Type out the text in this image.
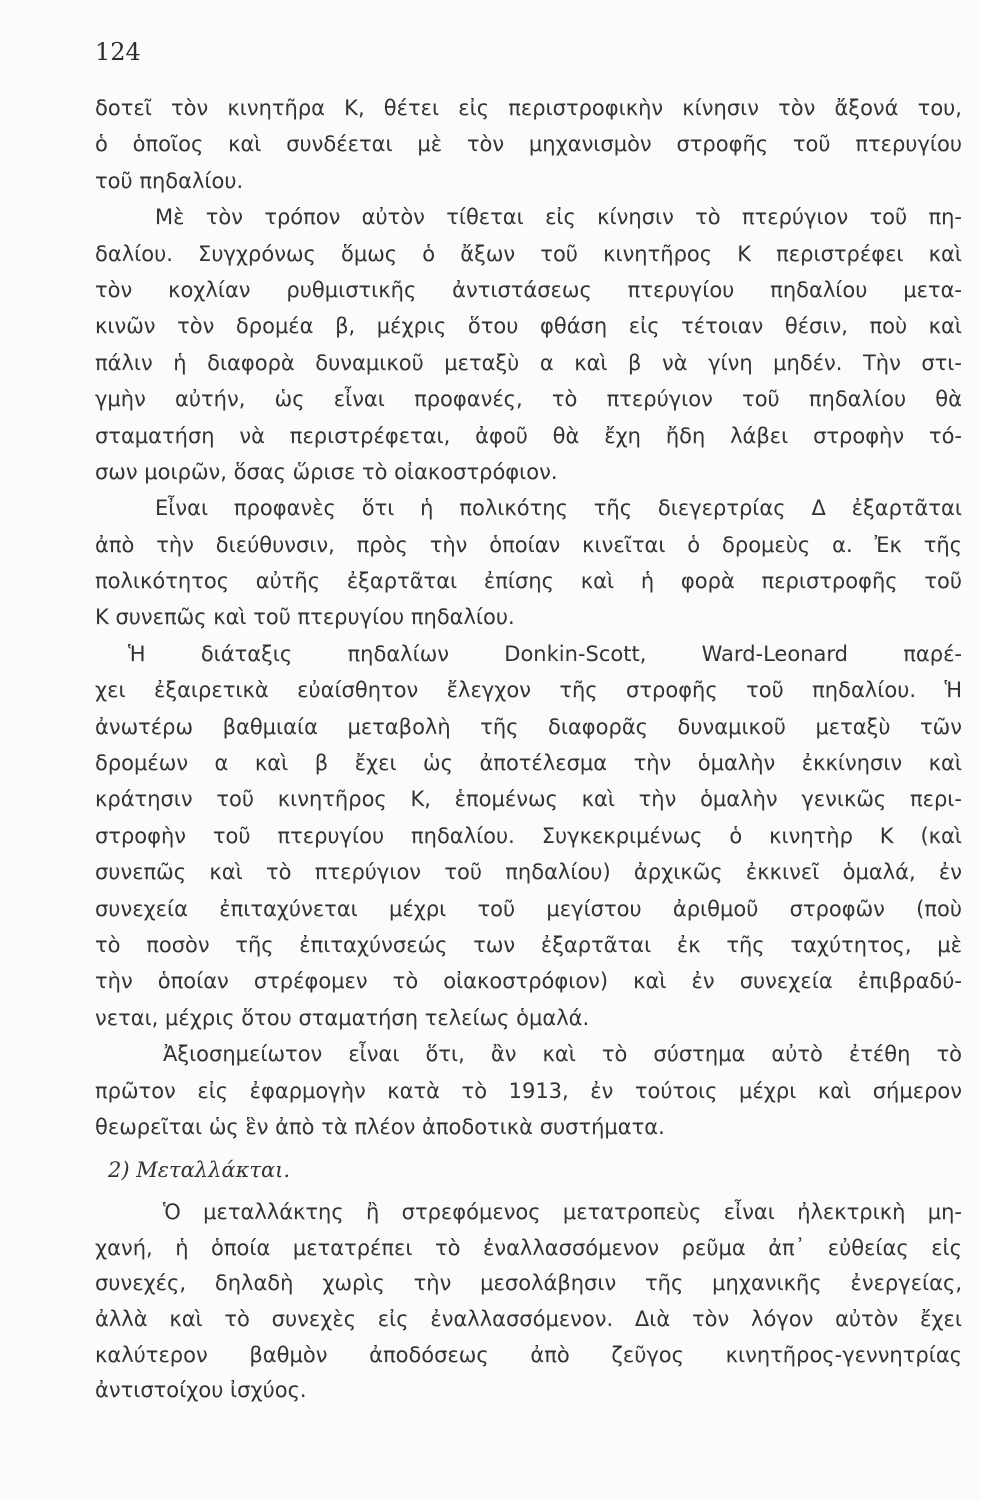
124
δοτεῖ τὸν κινητῆρα Κ, θέτει εἰς περιστροφικὴν κίνησιν τὸν ἄξονά του,
ὁ ὁποῖος καὶ συνδέεται μὲ τὸν μηχανισμὸν στροφῆς τοῦ πτερυγίου
τοῦ πηδαλίου.
Μὲ τὸν τρόπον αὐτὸν τίθεται εἰς κίνησιν τὸ πτερύγιον τοῦ πη-
δαλίου. Συγχρόνως ὅμως ὁ ἄξων τοῦ κινητῆρος Κ περιστρέφει καὶ
τὸν κοχλίαν ρυθμιστικῆς ἀντιστάσεως πτερυγίου πηδαλίου μετα-
κινῶν τὸν δρομέα β, μέχρις ὅτου φθάση εἰς τέτοιαν θέσιν, ποὺ καὶ
πάλιν ἡ διαφορὰ δυναμικοῦ μεταξὺ α καὶ β νὰ γίνη μηδέν. Τὴν στι-
γμὴν αὐτήν, ὡς εἶναι προφανές, τὸ πτερύγιον τοῦ πηδαλίου θὰ
σταματήση νὰ περιστρέφεται, ἀφοῦ θὰ ἔχη ἤδη λάβει στροφὴν τό-
σων μοιρῶν, ὅσας ὥρισε τὸ οἰακοστρόφιον.
Εἶναι προφανὲς ὅτι ἡ πολικότης τῆς διεγερτρίας Δ ἐξαρτᾶται
ἀπὸ τὴν διεύθυνσιν, πρὸς τὴν ὁποίαν κινεῖται ὁ δρομεὺς α. Ἐκ τῆς
πολικότητος αὐτῆς ἐξαρτᾶται ἐπίσης καὶ ἡ φορὰ περιστροφῆς τοῦ
Κ συνεπῶς καὶ τοῦ πτερυγίου πηδαλίου.
Ἡ διάταξις πηδαλίων Donkin-Scott, Ward-Leonard παρέ-
χει ἐξαιρετικὰ εὐαίσθητον ἔλεγχον τῆς στροφῆς τοῦ πηδαλίου. Ἡ
ἀνωτέρω βαθμιαία μεταβολὴ τῆς διαφορᾶς δυναμικοῦ μεταξὺ τῶν
δρομέων α καὶ β ἔχει ὡς ἀποτέλεσμα τὴν ὁμαλὴν ἐκκίνησιν καὶ
κράτησιν τοῦ κινητῆρος Κ, ἑπομένως καὶ τὴν ὁμαλὴν γενικῶς περι-
στροφὴν τοῦ πτερυγίου πηδαλίου. Συγκεκριμένως ὁ κινητὴρ Κ (καὶ
συνεπῶς καὶ τὸ πτερύγιον τοῦ πηδαλίου) ἀρχικῶς ἐκκινεῖ ὁμαλά, ἐν
συνεχεία ἐπιταχύνεται μέχρι τοῦ μεγίστου ἀριθμοῦ στροφῶν (ποὺ
τὸ ποσὸν τῆς ἐπιταχύνσεώς των ἐξαρτᾶται ἐκ τῆς ταχύτητος, μὲ
τὴν ὁποίαν στρέφομεν τὸ οἰακοστρόφιον) καὶ ἐν συνεχεία ἐπιβραδύ-
νεται, μέχρις ὅτου σταματήση τελείως ὁμαλά.
Ἀξιοσημείωτον εἶναι ὅτι, ἂν καὶ τὸ σύστημα αὐτὸ ἐτέθη τὸ
πρῶτον εἰς ἐφαρμογὴν κατὰ τὸ 1913, ἐν τούτοις μέχρι καὶ σήμερον
θεωρεῖται ὡς ἓν ἀπὸ τὰ πλέον ἀποδοτικὰ συστήματα.
2) Μεταλλάκται.
Ὁ μεταλλάκτης ἢ στρεφόμενος μετατροπεὺς εἶναι ἠλεκτρικὴ μη-
χανή, ἡ ὁποία μετατρέπει τὸ ἐναλλασσόμενον ρεῦμα ἀπ᾽ εὐθείας εἰς
συνεχές, δηλαδὴ χωρὶς τὴν μεσολάβησιν τῆς μηχανικῆς ἐνεργείας,
ἀλλὰ καὶ τὸ συνεχὲς εἰς ἐναλλασσόμενον. Διὰ τὸν λόγον αὐτὸν ἔχει
καλύτερον βαθμὸν ἀποδόσεως ἀπὸ ζεῦγος κινητῆρος-γεννητρίας
ἀντιστοίχου ἰσχύος.
